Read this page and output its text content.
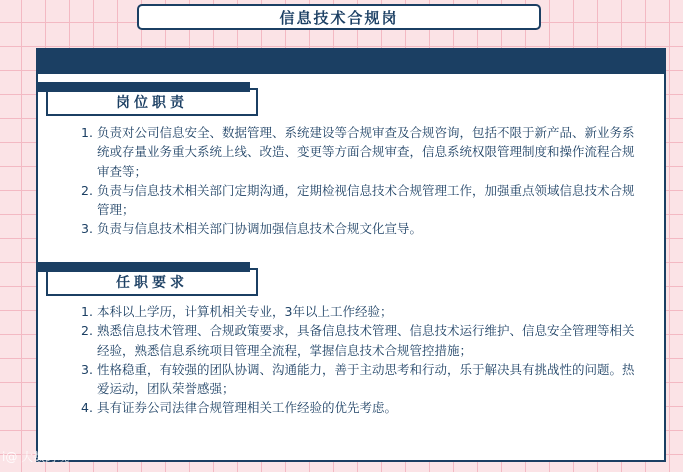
信息技术合规岗
岗位职责
1. 负责对公司信息安全、数据管理、系统建设等合规审查及合规咨询，包括不限于新产品、新业务系统或存量业务重大系统上线、改造、变更等方面合规审查，信息系统权限管理制度和操作流程合规审查等；
2. 负责与信息技术相关部门定期沟通，定期检视信息技术合规管理工作，加强重点领域信息技术合规管理；
3. 负责与信息技术相关部门协调加强信息技术合规文化宣导。
任职要求
1. 本科以上学历，计算机相关专业，3年以上工作经验；
2. 熟悉信息技术管理、合规政策要求，具备信息技术管理、信息技术运行维护、信息安全管理等相关经验，熟悉信息系统项目管理全流程，掌握信息技术合规管控措施；
3. 性格稳重，有较强的团队协调、沟通能力，善于主动思考和行动，乐于解决具有挑战性的问题。热爱运动，团队荣誉感强；
4. 具有证券公司法律合规管理相关工作经验的优先考虑。
i@ 大数跨境
